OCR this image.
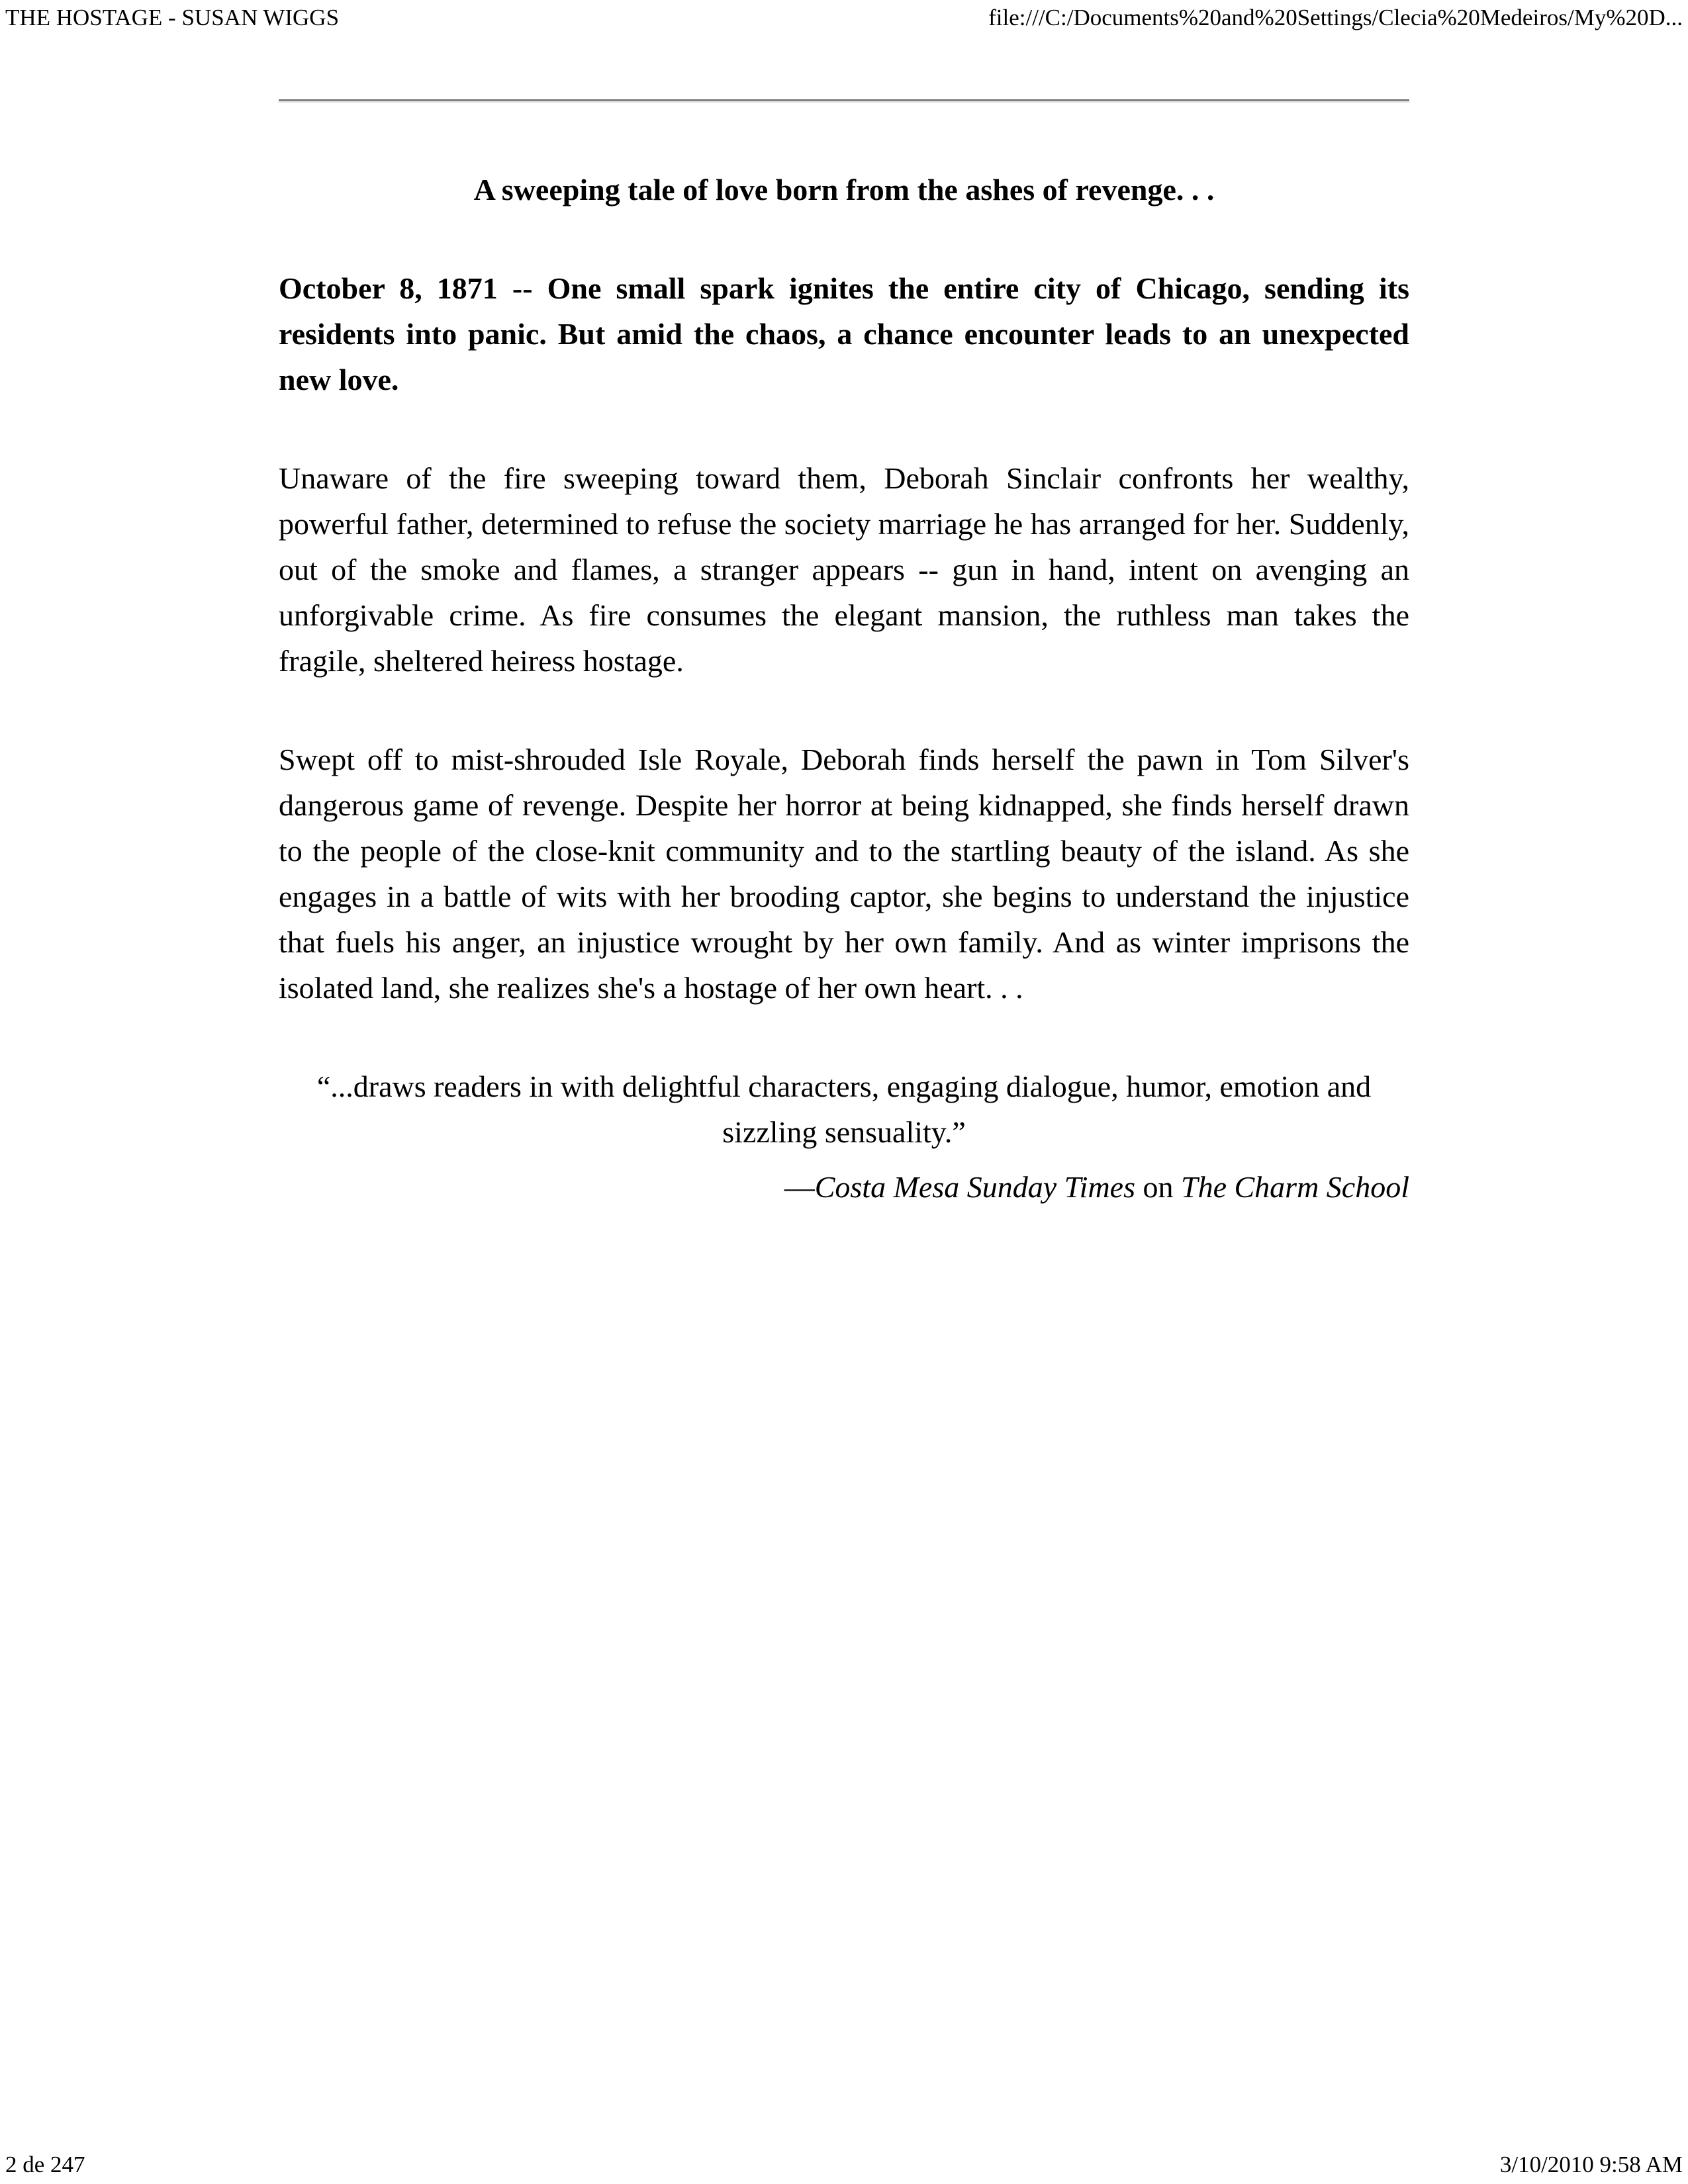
THE HOSTAGE - SUSAN WIGGS	file:///C:/Documents%20and%20Settings/Clecia%20Medeiros/My%20D...

A sweeping tale of love born from the ashes of revenge. . .

October 8, 1871 -- One small spark ignites the entire city of Chicago, sending its residents into panic. But amid the chaos, a chance encounter leads to an unexpected new love.

Unaware of the fire sweeping toward them, Deborah Sinclair confronts her wealthy, powerful father, determined to refuse the society marriage he has arranged for her. Suddenly, out of the smoke and flames, a stranger appears -- gun in hand, intent on avenging an unforgivable crime. As fire consumes the elegant mansion, the ruthless man takes the fragile, sheltered heiress hostage.

Swept off to mist-shrouded Isle Royale, Deborah finds herself the pawn in Tom Silver's dangerous game of revenge. Despite her horror at being kidnapped, she finds herself drawn to the people of the close-knit community and to the startling beauty of the island. As she engages in a battle of wits with her brooding captor, she begins to understand the injustice that fuels his anger, an injustice wrought by her own family. And as winter imprisons the isolated land, she realizes she's a hostage of her own heart. . .

“...draws readers in with delightful characters, engaging dialogue, humor, emotion and sizzling sensuality.”

—Costa Mesa Sunday Times on The Charm School

2 de 247	3/10/2010 9:58 AM
